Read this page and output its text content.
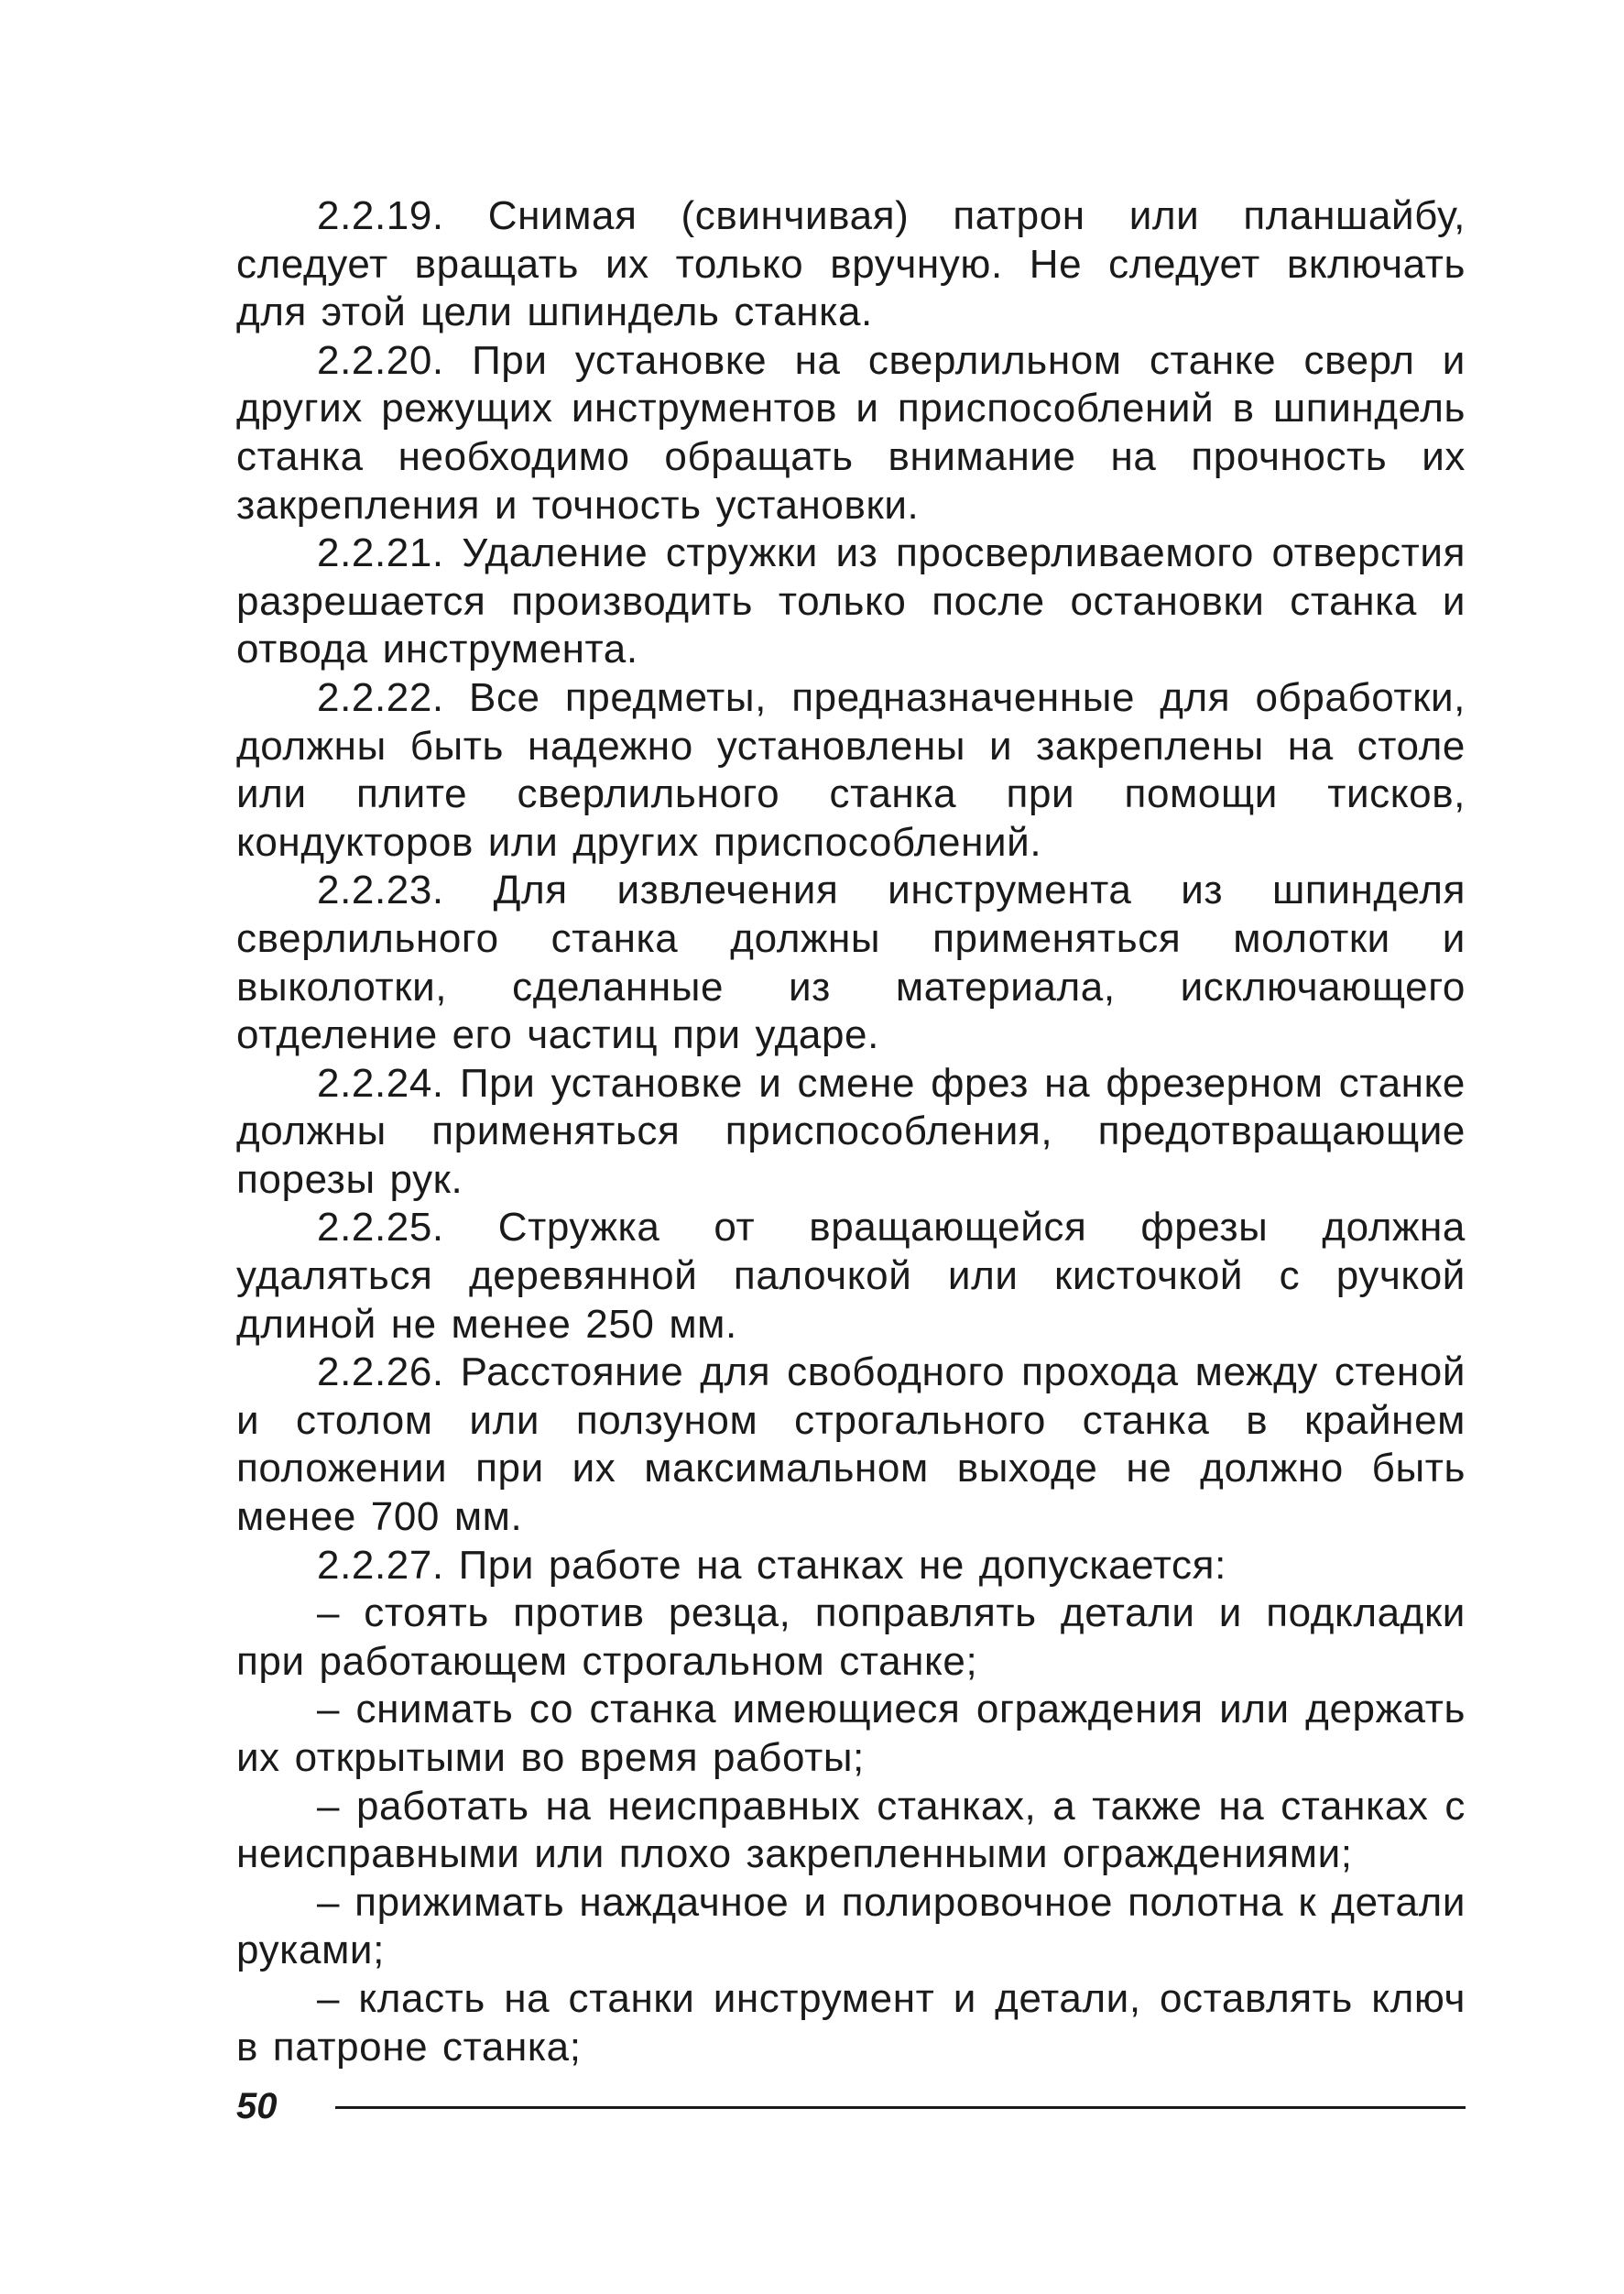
2.2.19. Снимая (свинчивая) патрон или планшайбу, следует вращать их только вручную. Не следует включать для этой цели шпиндель станка.

2.2.20. При установке на сверлильном станке сверл и других режущих инструментов и приспособлений в шпиндель станка необходимо обращать внимание на прочность их закрепления и точность установки.

2.2.21. Удаление стружки из просверливаемого отверстия разрешается производить только после остановки станка и отвода инструмента.

2.2.22. Все предметы, предназначенные для обработки, должны быть надежно установлены и закреплены на столе или плите сверлильного станка при помощи тисков, кондукторов или других приспособлений.

2.2.23. Для извлечения инструмента из шпинделя сверлильного станка должны применяться молотки и выколотки, сделанные из материала, исключающего отделение его частиц при ударе.

2.2.24. При установке и смене фрез на фрезерном станке должны применяться приспособления, предотвращающие порезы рук.

2.2.25. Стружка от вращающейся фрезы должна удаляться деревянной палочкой или кисточкой с ручкой длиной не менее 250 мм.

2.2.26. Расстояние для свободного прохода между стеной и столом или ползуном строгального станка в крайнем положении при их максимальном выходе не должно быть менее 700 мм.

2.2.27. При работе на станках не допускается:

– стоять против резца, поправлять детали и подкладки при работающем строгальном станке;

– снимать со станка имеющиеся ограждения или держать их открытыми во время работы;

– работать на неисправных станках, а также на станках с неисправными или плохо закрепленными ограждениями;

– прижимать наждачное и полировочное полотна к детали руками;

– класть на станки инструмент и детали, оставлять ключ в патроне станка;

50
